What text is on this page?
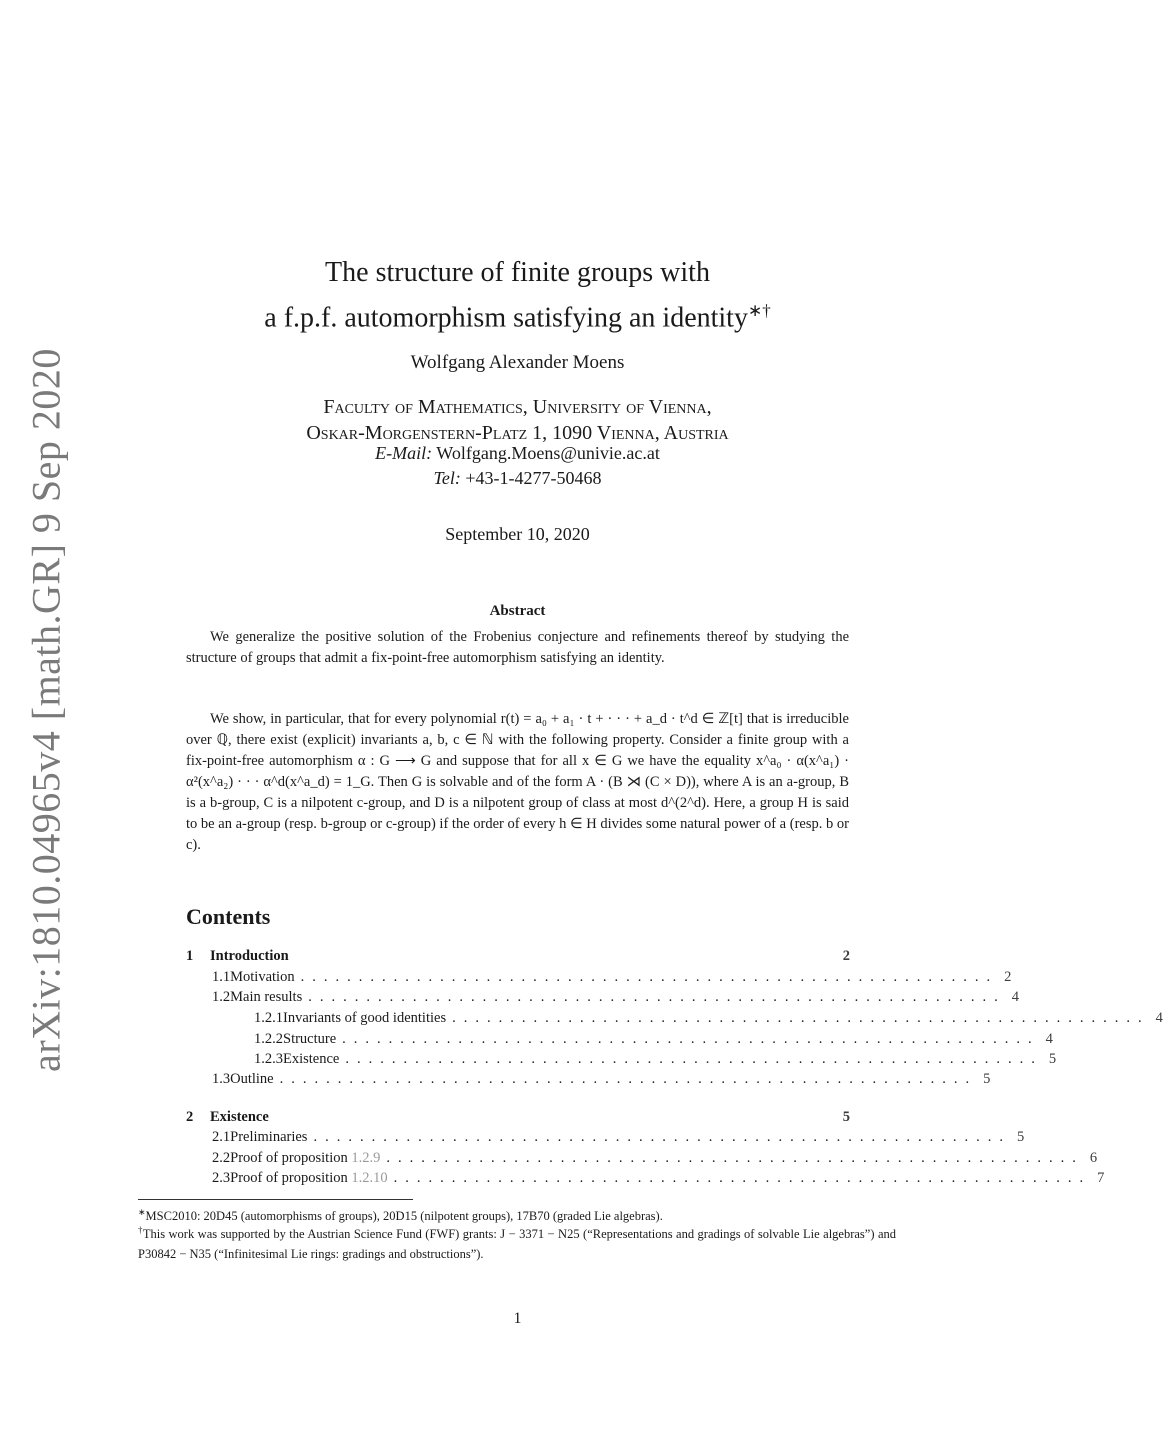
arXiv:1810.04965v4 [math.GR] 9 Sep 2020
The structure of finite groups with
a f.p.f. automorphism satisfying an identity∗†
Wolfgang Alexander Moens
Faculty of Mathematics, University of Vienna,
Oskar-Morgenstern-Platz 1, 1090 Vienna, Austria
E-Mail: Wolfgang.Moens@univie.ac.at
Tel: +43-1-4277-50468
September 10, 2020
Abstract
We generalize the positive solution of the Frobenius conjecture and refinements thereof by studying the structure of groups that admit a fix-point-free automorphism satisfying an identity.
We show, in particular, that for every polynomial r(t) = a₀ + a₁ · t + · · · + a_d · t^d ∈ ℤ[t] that is irreducible over ℚ, there exist (explicit) invariants a, b, c ∈ ℕ with the following property. Consider a finite group with a fix-point-free automorphism α : G ⟶ G and suppose that for all x ∈ G we have the equality x^a₀ · α(x^a₁) · α²(x^a₂) · · · α^d(x^a_d) = 1_G. Then G is solvable and of the form A · (B ⋊ (C × D)), where A is an a-group, B is a b-group, C is a nilpotent c-group, and D is a nilpotent group of class at most d^(2^d). Here, a group H is said to be an a-group (resp. b-group or c-group) if the order of every h ∈ H divides some natural power of a (resp. b or c).
Contents
1	Introduction	2
1.1 Motivation ............................................................ 2
1.2 Main results ............................................................ 4
1.2.1 Invariants of good identities ............................................................ 4
1.2.2 Structure ............................................................ 4
1.2.3 Existence ............................................................ 5
1.3 Outline ............................................................ 5
2	Existence	5
2.1 Preliminaries ............................................................ 5
2.2 Proof of proposition 1.2.9 ............................................................ 6
2.3 Proof of proposition 1.2.10 ............................................................ 7
∗MSC2010: 20D45 (automorphisms of groups), 20D15 (nilpotent groups), 17B70 (graded Lie algebras).
†This work was supported by the Austrian Science Fund (FWF) grants: J − 3371 − N25 (“Representations and gradings of solvable Lie algebras”) and P30842 − N35 (“Infinitesimal Lie rings: gradings and obstructions”).
1
